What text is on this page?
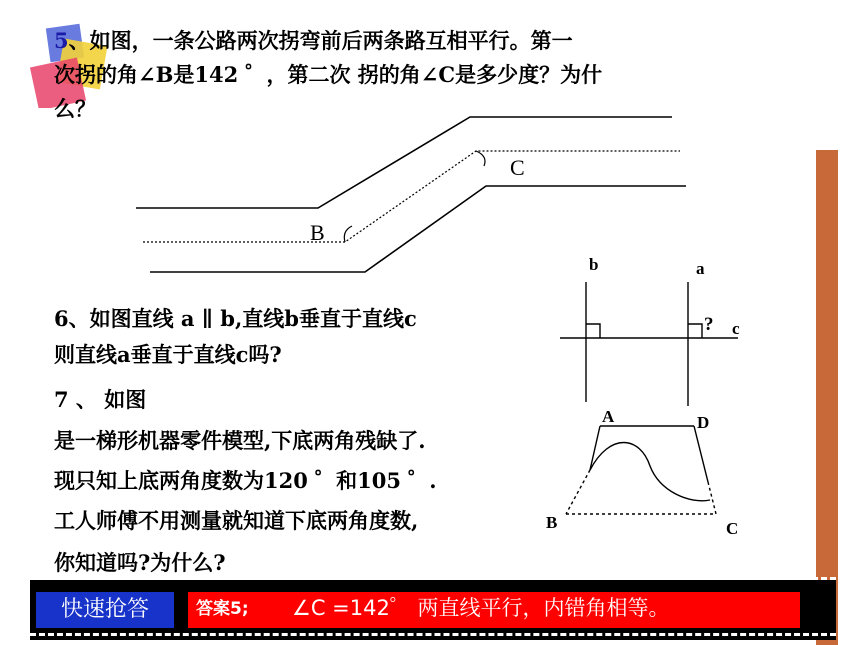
5、如图，一条公路两次拐弯前后两条路互相平行。第一
次拐的角∠B是142 ゜，第二次 拐的角∠C是多少度？为什
么？
B
C
b	a
? c
A	D
B	C
6、如图直线 a ∥ b,直线b垂直于直线c
则直线a垂直于直线c吗?
7 、 如图
是一梯形机器零件模型,下底两角残缺了.
现只知上底两角度数为120 ゜和105 ゜.
工人师傅不用测量就知道下底两角度数,
你知道吗?为什么?
快速抢答	答案5; ∠C =142゜ 两直线平行，内错角相等。
